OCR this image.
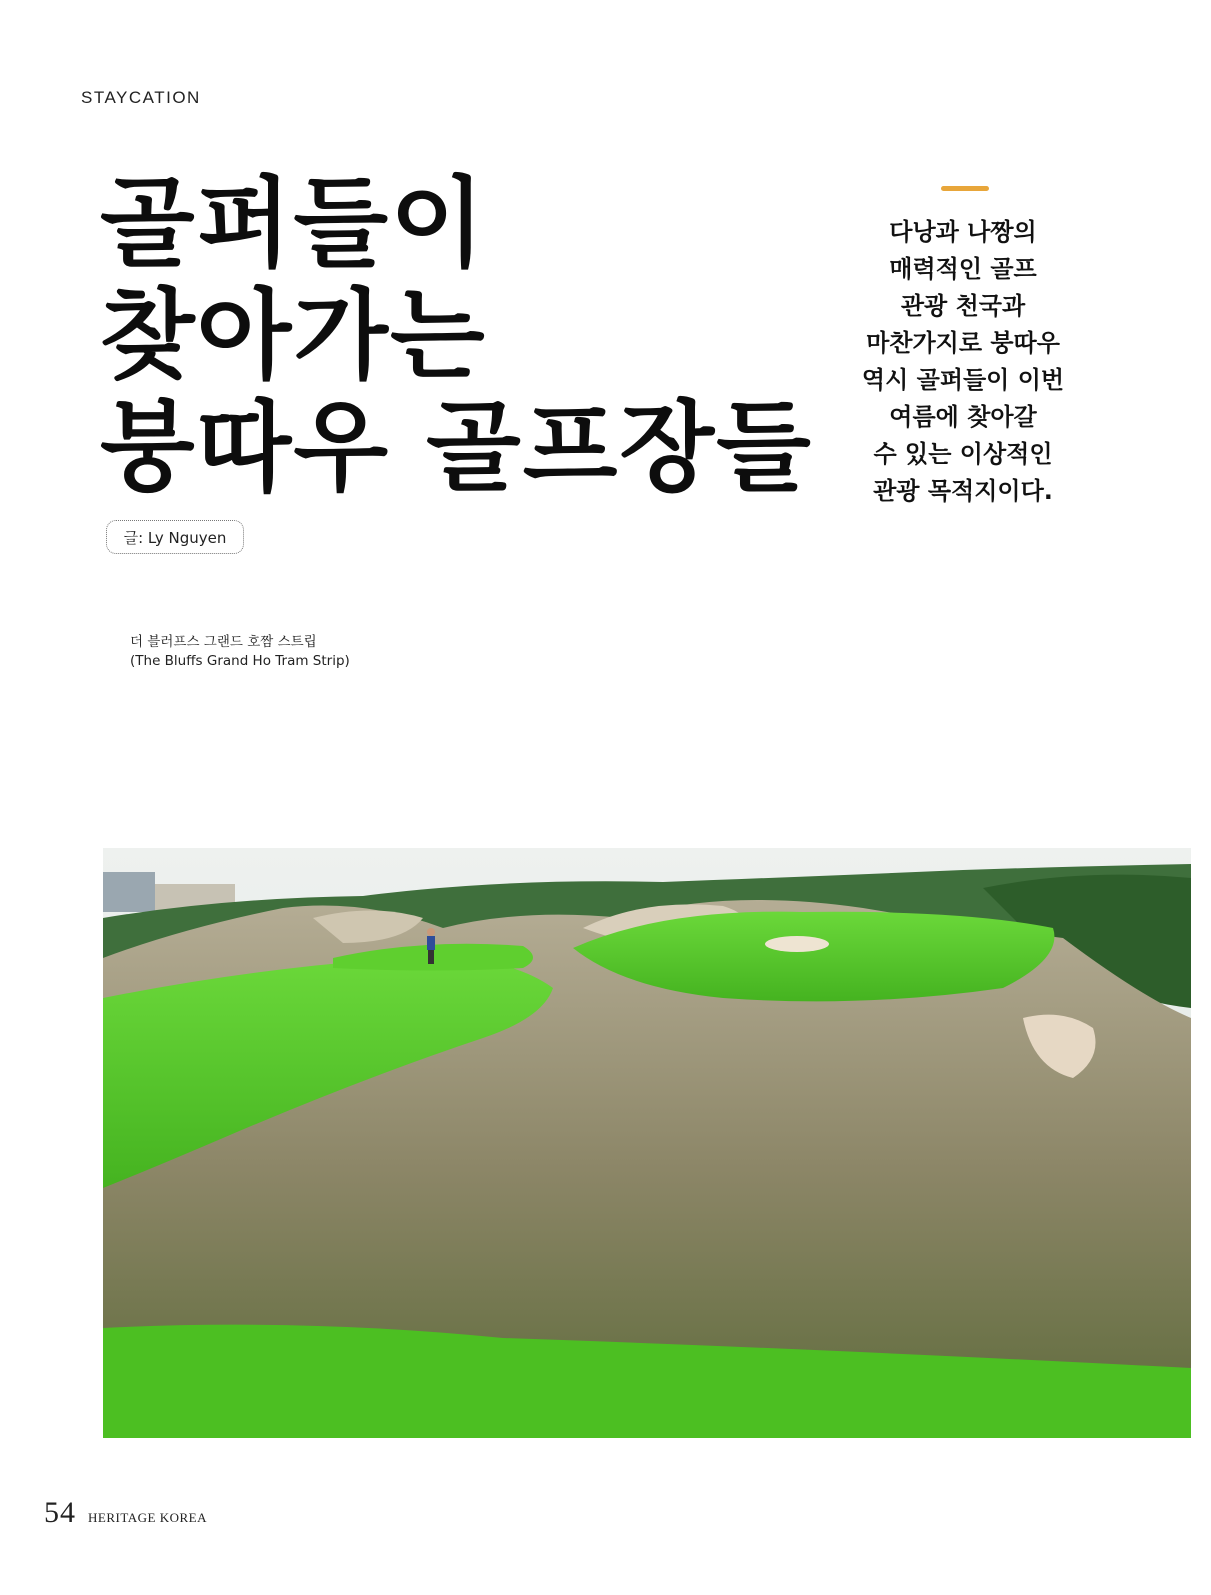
STAYCATION
골퍼들이
찾아가는
붕따우 골프장들
다낭과 나짱의
매력적인 골프
관광 천국과
마찬가지로 붕따우
역시 골퍼들이 이번
여름에 찾아갈
수 있는 이상적인
관광 목적지이다.
글: Ly Nguyen
더 블러프스 그랜드 호짬 스트립
(The Bluffs Grand Ho Tram Strip)
54 HERITAGE KOREA
